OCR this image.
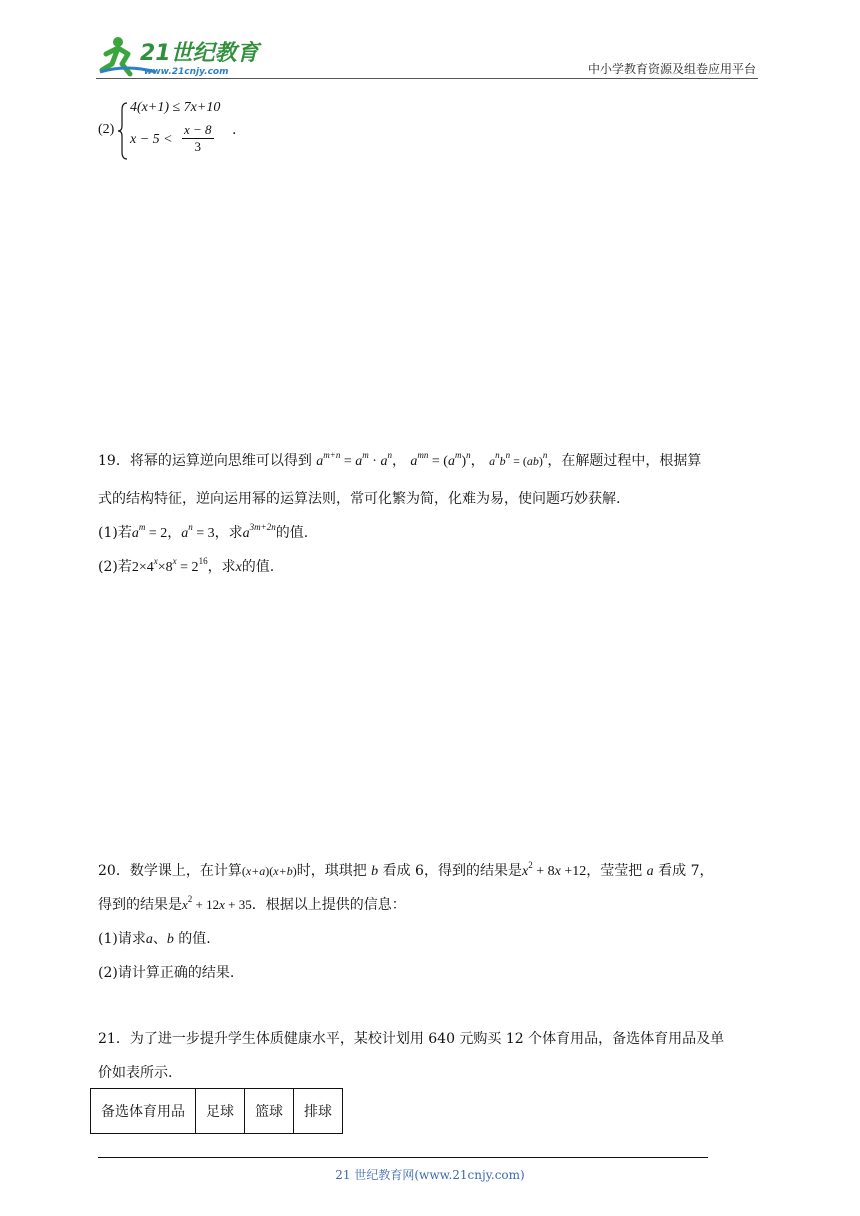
21世纪教育
www.21cnjy.com	中小学教育资源及组卷应用平台
(2)
4(x+1) ≤ 7x+10
$x - 5 < \frac{x - 8}{3}$ .
19．将幂的运算逆向思维可以得到 $a^{m+n} = a^m \cdot a^n$， $a^{mn} = (a^m)^n$， $a^nb^n = (ab)^n$，在解题过程中，根据算
式的结构特征，逆向运用幂的运算法则，常可化繁为简，化难为易，使问题巧妙获解.
(1)若$a^m = 2$，$a^n = 3$，求$a^{3m+2n}$的值.
(2)若$2\times 4^x\times 8^x = 2^{16}$，求x的值.
20．数学课上，在计算(x+a)(x+b)时，琪琪把 b 看成 6，得到的结果是$x^2 + 8x +12$，莹莹把 a 看成 7，
得到的结果是$x^2 + 12x + 35$．根据以上提供的信息：
(1)请求a、b 的值.
(2)请计算正确的结果.
21．为了进一步提升学生体质健康水平，某校计划用 640 元购买 12 个体育用品，备选体育用品及单
价如表所示.
备选体育用品	足球	篮球	排球
21 世纪教育网(www.21cnjy.com)
